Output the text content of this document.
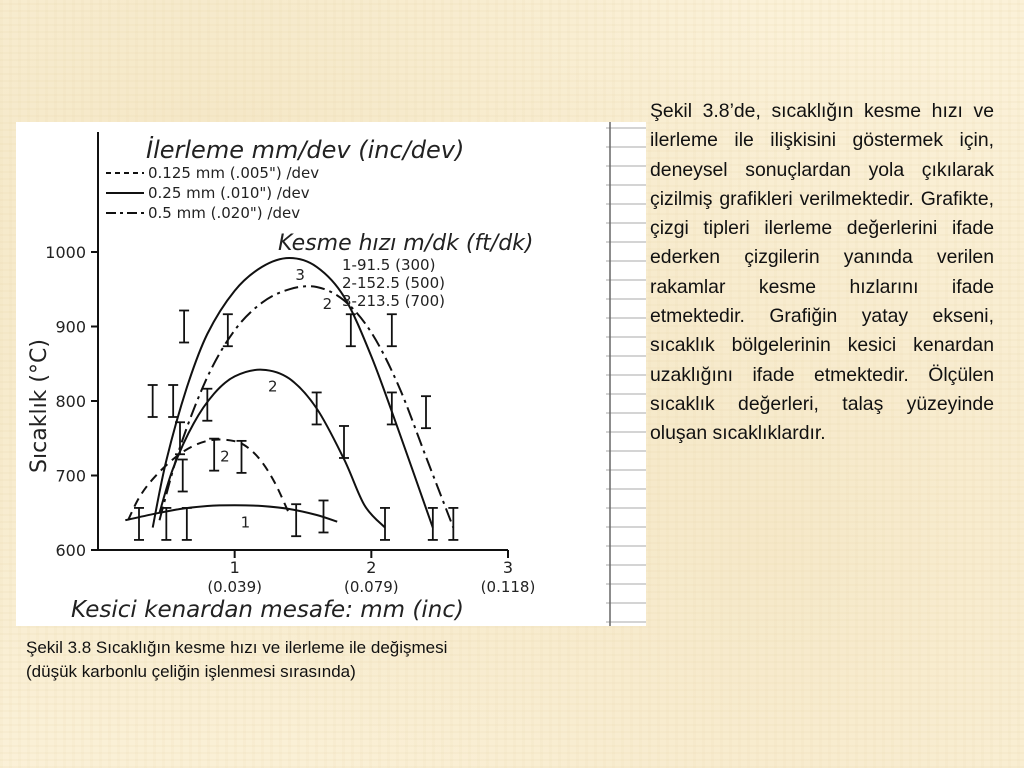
600
700
800
900
1000
1
(0.039)
2
(0.079)
3
(0.118)
Sıcaklık (°C)
Kesici kenardan mesafe: mm (inc)
1
2
2
2
3
İlerleme mm/dev (inc/dev)
0.125 mm (.005") /dev
0.25 mm (.010") /dev
0.5 mm (.020") /dev
Kesme hızı m/dk (ft/dk)
1-91.5 (300)
2-152.5 (500)
3-213.5 (700)

Şekil 3.8’de, sıcaklığın kesme hızı ve ilerleme ile ilişkisini göstermek için, deneysel sonuçlardan yola çıkılarak çizilmiş grafikleri verilmektedir. Grafikte, çizgi tipleri ilerleme değerlerini ifade ederken çizgilerin yanında verilen rakamlar kesme hızlarını ifade etmektedir. Grafiğin yatay ekseni, sıcaklık bölgelerinin kesici kenardan uzaklığını ifade etmektedir. Ölçülen sıcaklık değerleri, talaş yüzeyinde oluşan sıcaklıklardır.

Şekil 3.8 Sıcaklığın kesme hızı ve ilerleme ile değişmesi
(düşük karbonlu çeliğin işlenmesi sırasında)
